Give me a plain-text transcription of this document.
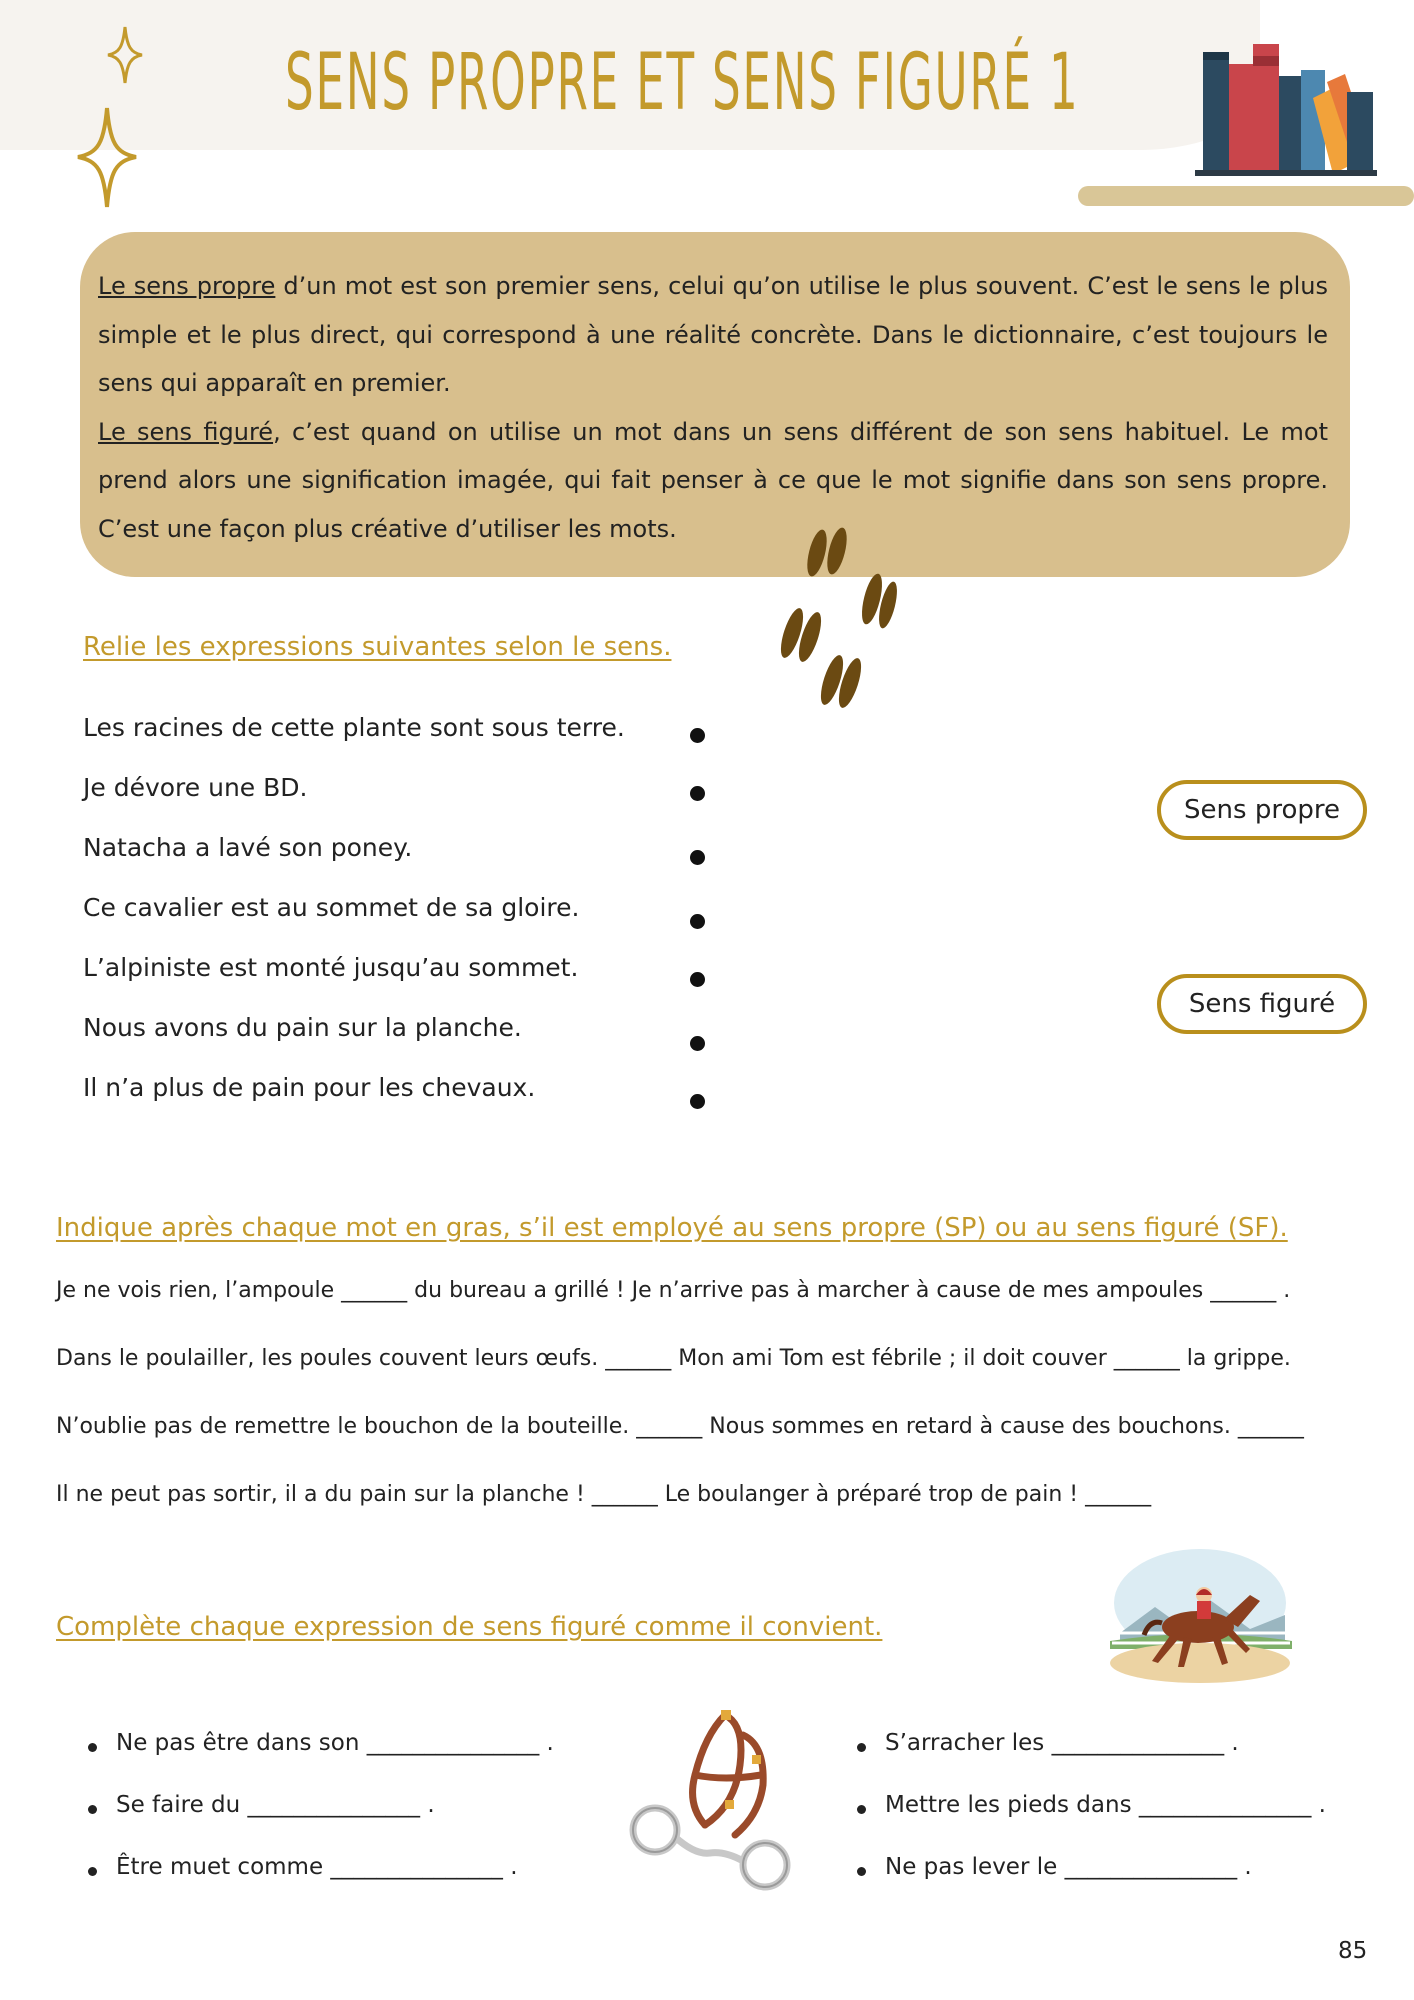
SENS PROPRE ET SENS FIGURÉ 1

Le sens propre d’un mot est son premier sens, celui qu’on utilise le plus souvent. C’est le sens le plus simple et le plus direct, qui correspond à une réalité concrète. Dans le dictionnaire, c’est toujours le sens qui apparaît en premier.

Le sens figuré, c’est quand on utilise un mot dans un sens différent de son sens habituel. Le mot prend alors une signification imagée, qui fait penser à ce que le mot signifie dans son sens propre. C’est une façon plus créative d’utiliser les mots.

Relie les expressions suivantes selon le sens.
Les racines de cette plante sont sous terre.
Je dévore une BD.
Natacha a lavé son poney.
Ce cavalier est au sommet de sa gloire.
L’alpiniste est monté jusqu’au sommet.
Nous avons du pain sur la planche.
Il n’a plus de pain pour les chevaux.
Sens propre
Sens figuré
Indique après chaque mot en gras, s’il est employé au sens propre (SP) ou au sens figuré (SF).
Je ne vois rien, l’ampoule ______ du bureau a grillé ! Je n’arrive pas à marcher à cause de mes ampoules ______ .
Dans le poulailler, les poules couvent leurs œufs. ______ Mon ami Tom est fébrile ; il doit couver ______ la grippe.
N’oublie pas de remettre le bouchon de la bouteille. ______ Nous sommes en retard à cause des bouchons. ______
Il ne peut pas sortir, il a du pain sur la planche ! ______ Le boulanger à préparé trop de pain ! ______
Complète chaque expression de sens figuré comme il convient.
Ne pas être dans son _______________ .
Se faire du _______________ .
Être muet comme _______________ .
S’arracher les _______________ .
Mettre les pieds dans _______________ .
Ne pas lever le _______________ .
85
